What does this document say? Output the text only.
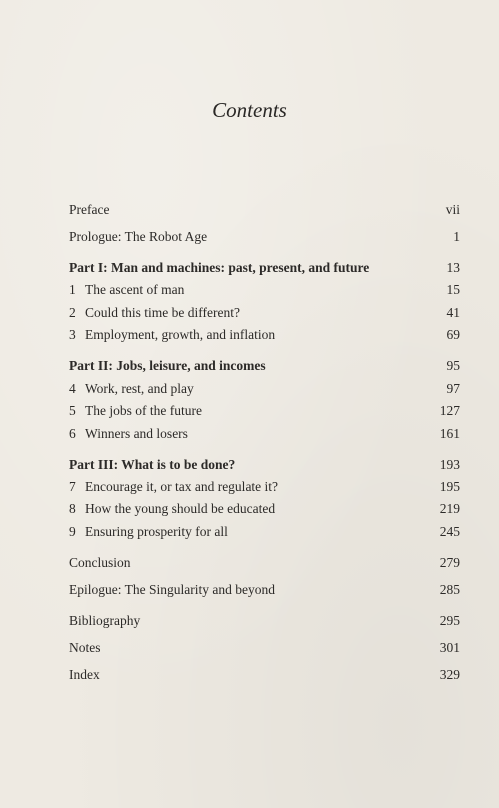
Contents
Preface	vii
Prologue: The Robot Age	1
Part I: Man and machines: past, present, and future	13
1 The ascent of man	15
2 Could this time be different?	41
3 Employment, growth, and inflation	69
Part II: Jobs, leisure, and incomes	95
4 Work, rest, and play	97
5 The jobs of the future	127
6 Winners and losers	161
Part III: What is to be done?	193
7 Encourage it, or tax and regulate it?	195
8 How the young should be educated	219
9 Ensuring prosperity for all	245
Conclusion	279
Epilogue: The Singularity and beyond	285
Bibliography	295
Notes	301
Index	329
